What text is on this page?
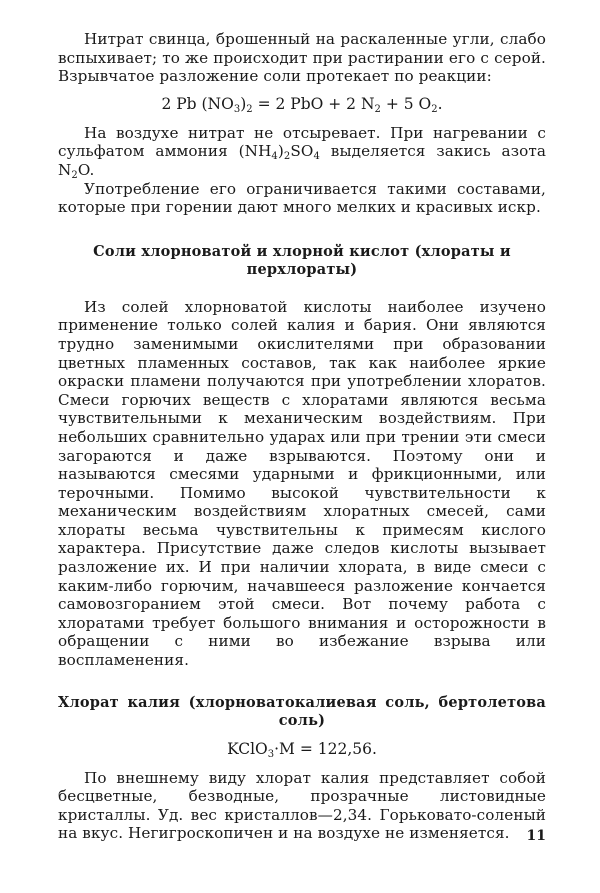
Нитрат свинца, брошенный на раскаленные угли, слабо вспыхивает; то же происходит при растирании его с серой. Взрывчатое разложение соли протекает по реакции:

2 Pb $(NO_3)_2 = 2$ PbO + 2 $N_2 + 5$ $O_2$.

На воздухе нитрат не отсыревает. При нагревании с сульфатом аммония $(NH_4)_2SO_4$ выделяется закись азота $N_2O$.

Употребление его ограничивается такими составами, которые при горении дают много мелких и красивых искр.

Соли хлорноватой и хлорной кислот (хлораты и перхлораты)

Из солей хлорноватой кислоты наиболее изучено применение только солей калия и бария. Они являются трудно заменимыми окислителями при образовании цветных пламенных составов, так как наиболее яркие окраски пламени получаются при употреблении хлоратов. Смеси горючих веществ с хлоратами являются весьма чувствительными к механическим воздействиям. При небольших сравнительно ударах или при трении эти смеси загораются и даже взрываются. Поэтому они и называются смесями ударными и фрикционными, или терочными. Помимо высокой чувствительности к механическим воздействиям хлоратных смесей, сами хлораты весьма чувствительны к примесям кислого характера. Присутствие даже следов кислоты вызывает разложение их. И при наличии хлората, в виде смеси с каким-либо горючим, начавшееся разложение кончается самовозгоранием этой смеси. Вот почему работа с хлоратами требует большого внимания и осторожности в обращении с ними во избежание взрыва или воспламенения.

Хлорат калия (хлорноватокалиевая соль, бертолетова соль)
KClO$_3$·M = 122,56.

По внешнему виду хлорат калия представляет собой бесцветные, безводные, прозрачные листовидные кристаллы. Уд. вес кристаллов—2,34. Горьковато-соленый на вкус. Негигроскопичен и на воздухе не изменяется.	11
